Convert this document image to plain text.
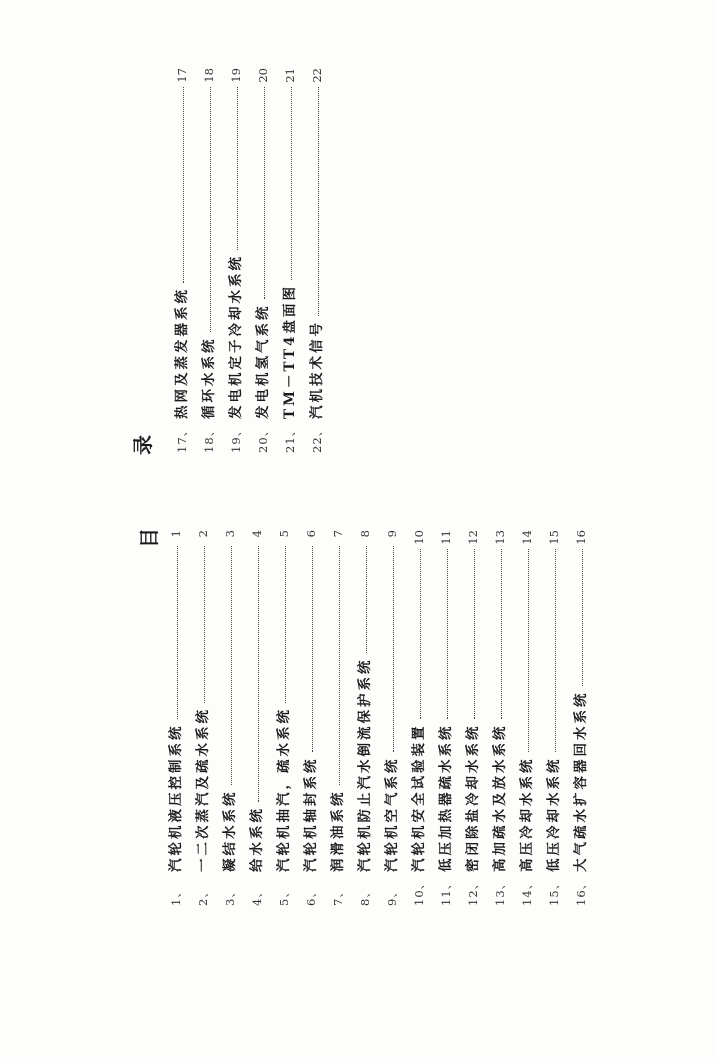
目
录
1、
汽轮机液压控制系统
1
2、
一二次蒸汽及疏水系统
2
3、
凝结水系统
3
4、
给水系统
4
5、
汽轮机抽汽，疏水系统
5
6、
汽轮机轴封系统
6
7、
润滑油系统
7
8、
汽轮机防止汽水倒流保护系统
8
9、
汽轮机空气系统
9
10、
汽轮机安全试验装置
10
11、
低压加热器疏水系统
11
12、
密闭除盐冷却水系统
12
13、
高加疏水及放水系统
13
14、
高压冷却水系统
14
15、
低压冷却水系统
15
16、
大气疏水扩容器回水系统
16
17、
热网及蒸发器系统
17
18、
循环水系统
18
19、
发电机定子冷却水系统
19
20、
发电机氢气系统
20
21、
TM－TT4盘面图
21
22、
汽机技术信号
22
